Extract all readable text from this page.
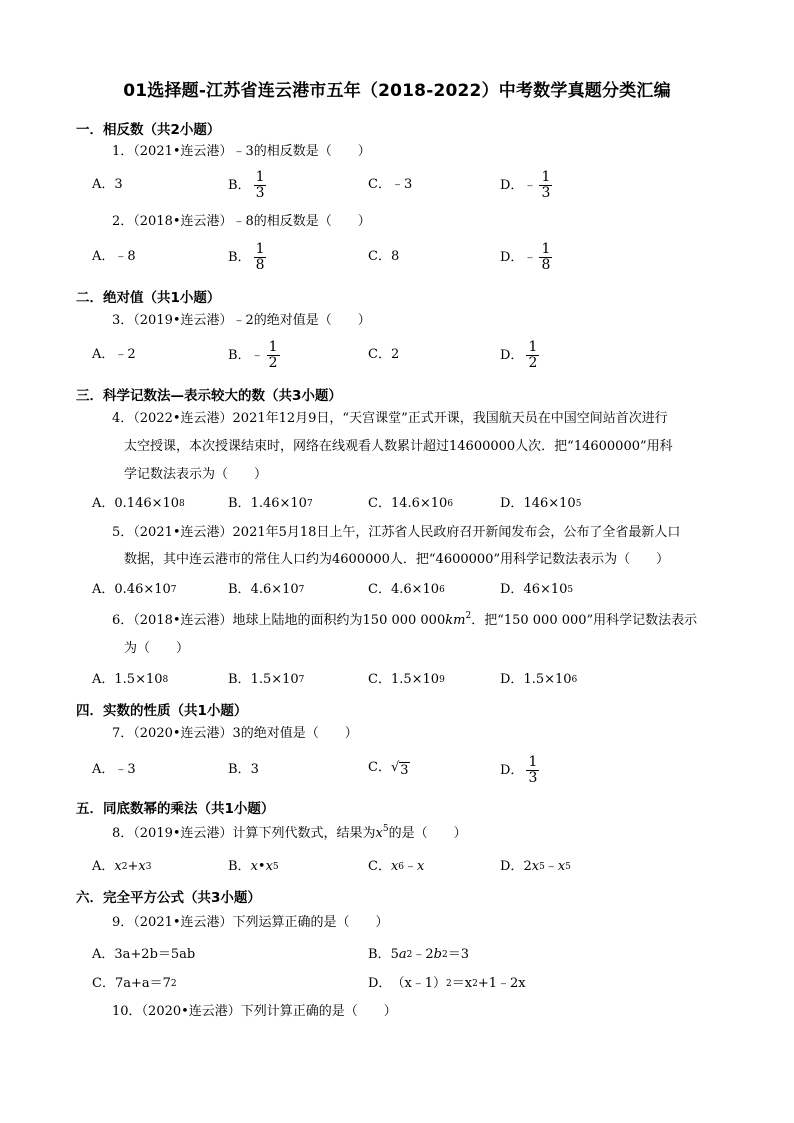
01选择题-江苏省连云港市五年（2018-2022）中考数学真题分类汇编
一．相反数（共2小题）
1．（2021•连云港）﹣3的相反数是（　　）
A． 3	B． $\frac{1}{3}$	C． ﹣3	D． ﹣ $\frac{1}{3}$
2．（2018•连云港）﹣8的相反数是（　　）
A． ﹣8	B． $\frac{1}{8}$	C． 8	D． ﹣ $\frac{1}{8}$
二．绝对值（共1小题）
3．（2019•连云港）﹣2的绝对值是（　　）
A． ﹣2	B． ﹣ $\frac{1}{2}$	C． 2	D． $\frac{1}{2}$
三．科学记数法—表示较大的数（共3小题）
4．（2022•连云港）2021年12月9日，“天宫课堂”正式开课，我国航天员在中国空间站首次进行
太空授课，本次授课结束时，网络在线观看人数累计超过14600000人次．把“14600000”用科
学记数法表示为（　　）
A． 0.146×10 8	B． 1.46×10 7	C． 14.6×10 6	D． 146×10 5
5．（2021•连云港）2021年5月18日上午，江苏省人民政府召开新闻发布会，公布了全省最新人口
数据，其中连云港市的常住人口约为4600000人．把“4600000”用科学记数法表示为（　　）
A． 0.46×10 7	B． 4.6×10 7	C． 4.6×10 6	D． 46×10 5
6．（2018•连云港）地球上陆地的面积约为150 000 $000km^2$．把“150 000 000”用科学记数法表示
为（　　）
A． 1.5×10 8	B． 1.5×10 7	C． 1.5×10 9	D． 1.5×10 6
四．实数的性质（共1小题）
7．（2020•连云港）3的绝对值是（　　）
A． ﹣3	B． 3	C． √ 3	D． $\frac{1}{3}$
五．同底数幂的乘法（共1小题）
8．（2019•连云港）计算下列代数式，结果为$x^5$的是（　　）
A． x 2 + x 3	B． x • x 5	C． x 6 ﹣ x	D． 2 x 5 ﹣ x 5
六．完全平方公式（共3小题）
9．（2021•连云港）下列运算正确的是（　　）
A． 3a+2b＝5ab	B． 5 a 2 ﹣2 b 2 ＝3
C． 7a+a＝7 2	D． （x﹣1） 2 ＝x 2 +1﹣2x
10．（2020•连云港）下列计算正确的是（　　）
